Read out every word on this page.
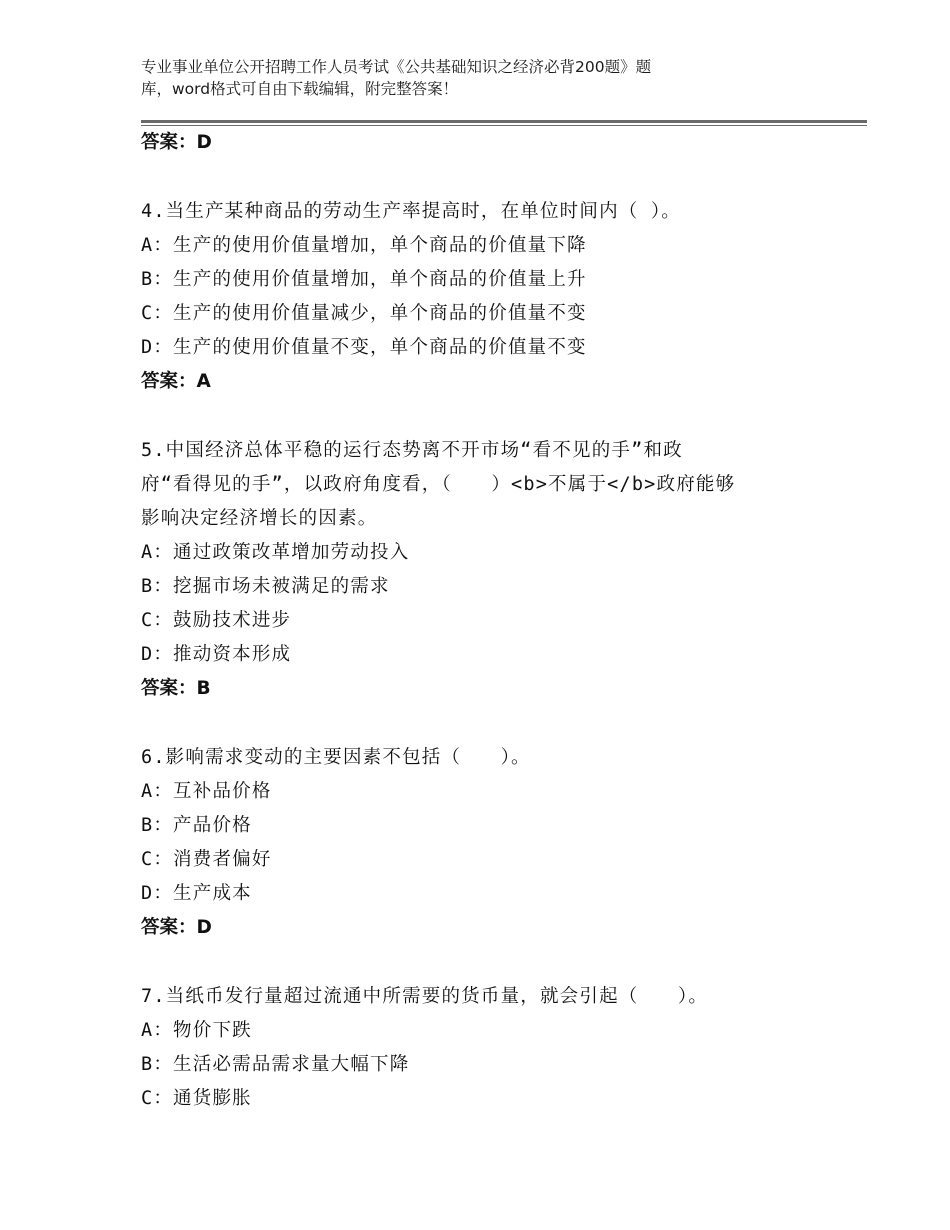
专业事业单位公开招聘工作人员考试《公共基础知识之经济必背200题》题
库，word格式可自由下载编辑，附完整答案！
答案：D
4.当生产某种商品的劳动生产率提高时，在单位时间内（ ）。
A：生产的使用价值量增加，单个商品的价值量下降
B：生产的使用价值量增加，单个商品的价值量上升
C：生产的使用价值量减少，单个商品的价值量不变
D：生产的使用价值量不变，单个商品的价值量不变
答案：A
5.中国经济总体平稳的运行态势离不开市场“看不见的手”和政
府“看得见的手”，以政府角度看，（　　）<b>不属于</b>政府能够
影响决定经济增长的因素。
A：通过政策改革增加劳动投入
B：挖掘市场未被满足的需求
C：鼓励技术进步
D：推动资本形成
答案：B
6.影响需求变动的主要因素不包括（　　）。
A：互补品价格
B：产品价格
C：消费者偏好
D：生产成本
答案：D
7.当纸币发行量超过流通中所需要的货币量，就会引起（　　）。
A：物价下跌
B：生活必需品需求量大幅下降
C：通货膨胀
